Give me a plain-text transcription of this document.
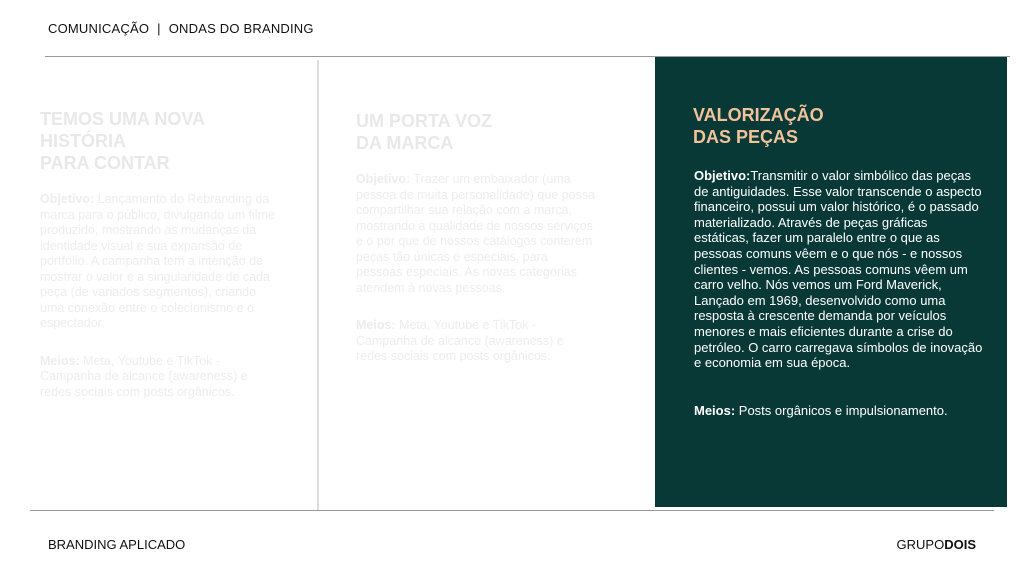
COMUNICAÇÃO | ONDAS DO BRANDING
TEMOS UMA NOVA
HISTÓRIA
PARA CONTAR

Objetivo: Lançamento do Rebranding da marca para o público, divulgando um filme produzido, mostrando as mudanças da identidade visual e sua expansão de portfólio. A campanha tem a intenção de mostrar o valor e a singularidade de cada peça (de variados segmentos), criando uma conexão entre o colecionismo e o espectador.

Meios: Meta, Youtube e TikTok - Campanha de alcance (awareness) e redes sociais com posts orgânicos.

UM PORTA VOZ
DA MARCA

Objetivo: Trazer um embaixador (uma pessoa de muita personalidade) que possa compartilhar sua relação com a marca, mostrando a qualidade de nossos serviços e o por que de nossos catálogos conterem peças tão únicas e especiais, para pessoas especiais. As novas categorias atendem à novas pessoas.

Meios: Meta, Youtube e TikTok - Campanha de alcance (awareness) e redes sociais com posts orgânicos.

VALORIZAÇÃO
DAS PEÇAS

Objetivo:Transmitir o valor simbólico das peças de antiguidades. Esse valor transcende o aspecto financeiro, possui um valor histórico, é o passado materializado. Através de peças gráficas estáticas, fazer um paralelo entre o que as pessoas comuns vêem e o que nós - e nossos clientes - vemos. As pessoas comuns vêem um carro velho. Nós vemos um Ford Maverick, Lançado em 1969, desenvolvido como uma resposta à crescente demanda por veículos menores e mais eficientes durante a crise do petróleo. O carro carregava símbolos de inovação e economia em sua época.

Meios: Posts orgânicos e impulsionamento.

BRANDING APLICADO	GRUPODOIS
